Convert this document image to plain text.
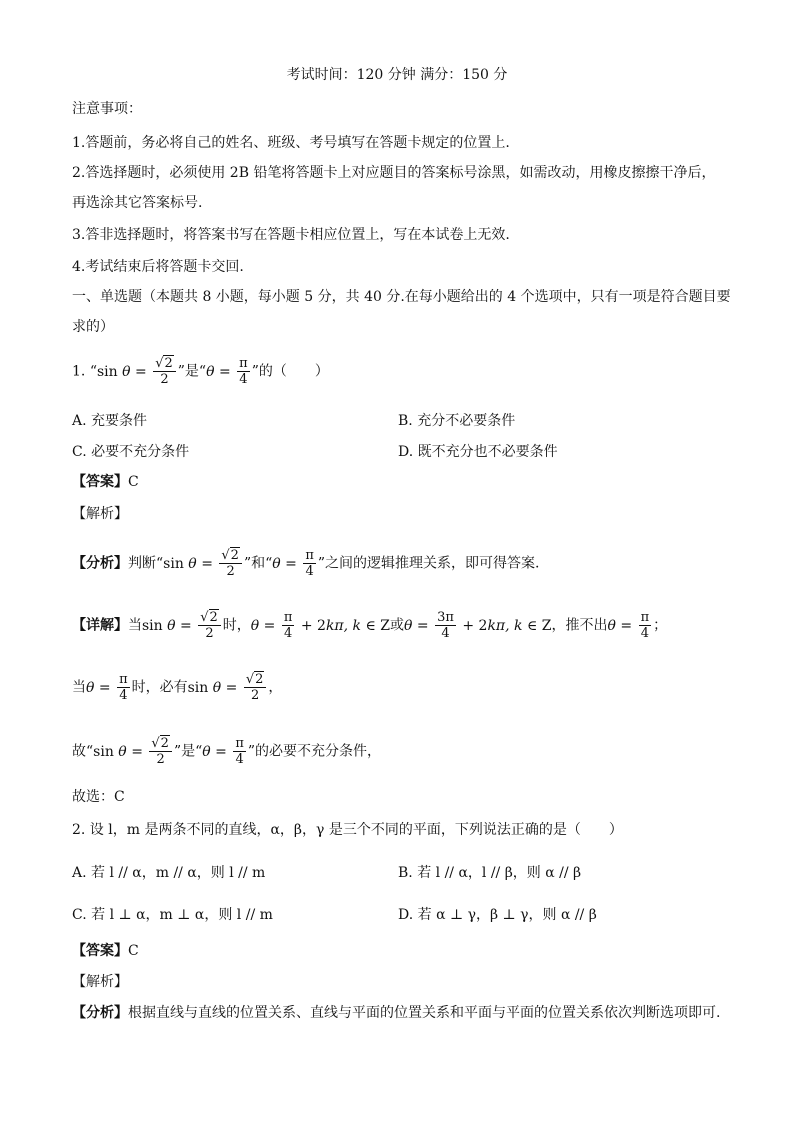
考试时间：120 分钟 满分：150 分
注意事项：
1.答题前，务必将自己的姓名、班级、考号填写在答题卡规定的位置上.
2.答选择题时，必须使用 2B 铅笔将答题卡上对应题目的答案标号涂黑，如需改动，用橡皮擦擦干净后，
再选涂其它答案标号.
3.答非选择题时，将答案书写在答题卡相应位置上，写在本试卷上无效.
4.考试结束后将答题卡交回.
一、单选题（本题共 8 小题，每小题 5 分，共 40 分.在每小题给出的 4 个选项中，只有一项是符合题目要
求的）
1. “sin $\theta = \frac{√2}{2}$ ”是“$\theta = \frac{\pi}{4}$ ”的（　　）
A. 充要条件	B. 充分不必要条件
C. 必要不充分条件	D. 既不充分也不必要条件
【答案】C
【解析】
【分析】判断“sin $\theta = \frac{√2}{2}$ ”和“$\theta = \frac{\pi}{4}$ ”之间的逻辑推理关系，即可得答案.
【详解】当$\sin \theta = \frac{√2}{2}$ 时，$\theta = \frac{\pi}{4} + 2k\pi$, k ∈ Z或$\theta = \frac{3\pi}{4} + 2k\pi$, k ∈ Z，推不出$\theta = \frac{\pi}{4}$ ；
当$\theta = \frac{\pi}{4}$ 时，必有$\sin \theta = \frac{√2}{2}$ ，
故“sin $\theta = \frac{√2}{2}$ ”是“$\theta = \frac{\pi}{4}$ ”的必要不充分条件，
故选：C
2. 设 l，m 是两条不同的直线，α，β，γ 是三个不同的平面，下列说法正确的是（　　）
A. 若 l // α，m // α，则 l // m	B. 若 l // α，l // β，则 α // β
C. 若 l ⊥ α，m ⊥ α，则 l // m	D. 若 α ⊥ γ，β ⊥ γ，则 α // β
【答案】C
【解析】
【分析】根据直线与直线的位置关系、直线与平面的位置关系和平面与平面的位置关系依次判断选项即可.
